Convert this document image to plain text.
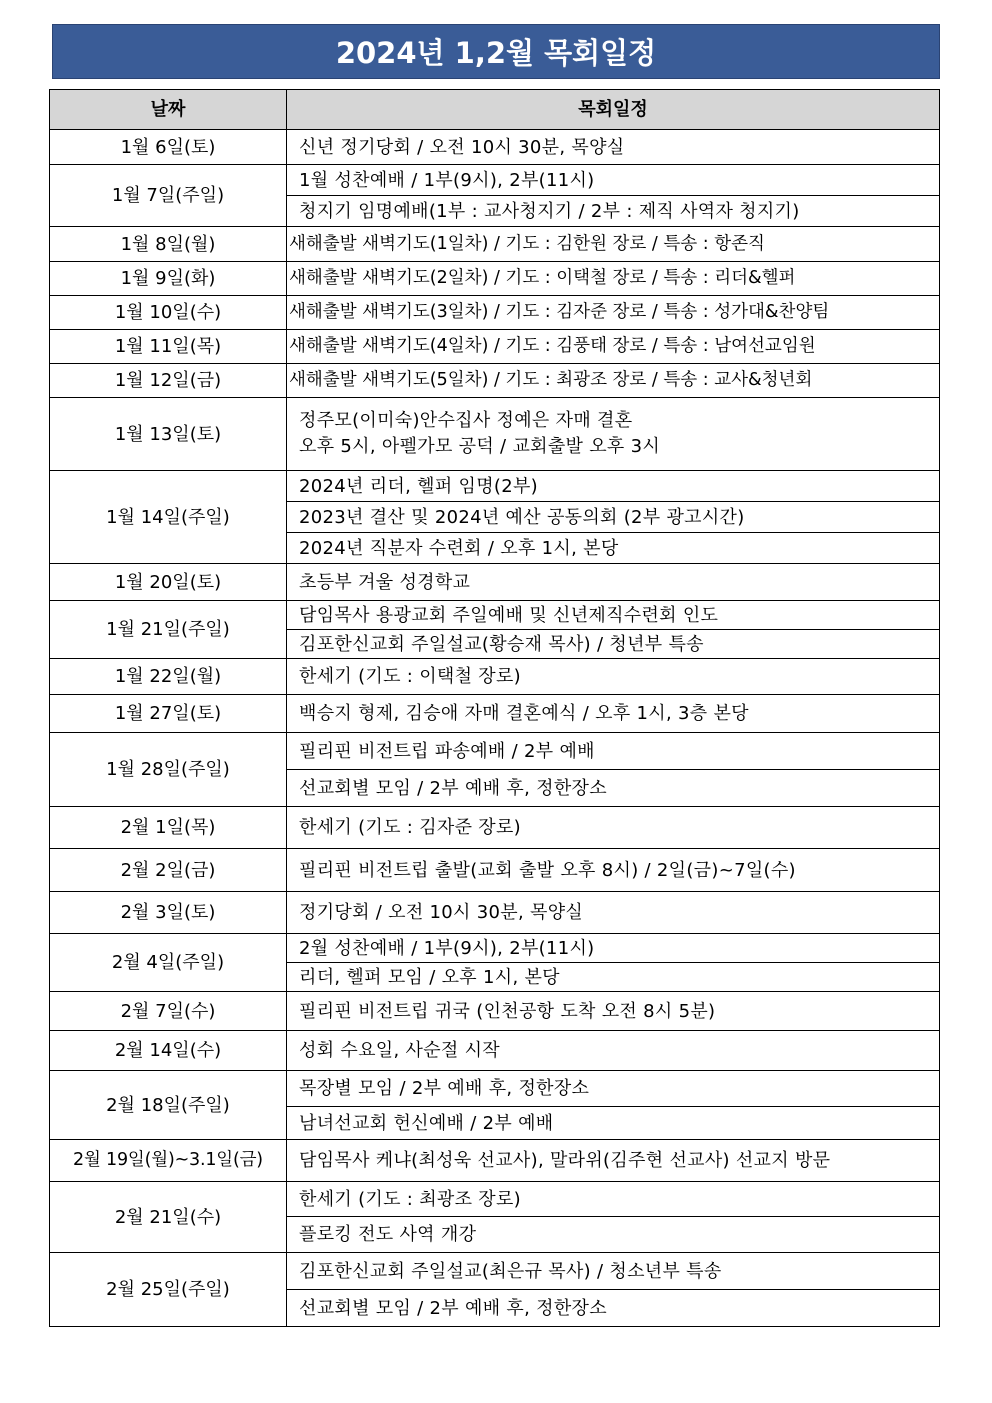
2024년 1,2월 목회일정
날짜	목회일정
1월 6일(토)	신년 정기당회 / 오전 10시 30분, 목양실
1월 7일(주일)	1월 성찬예배 / 1부(9시), 2부(11시)
	청지기 임명예배(1부 : 교사청지기 / 2부 : 제직 사역자 청지기)
1월 8일(월)	새해출발 새벽기도(1일차) / 기도 : 김한원 장로 / 특송 : 항존직
1월 9일(화)	새해출발 새벽기도(2일차) / 기도 : 이택철 장로 / 특송 : 리더&헬퍼
1월 10일(수)	새해출발 새벽기도(3일차) / 기도 : 김자준 장로 / 특송 : 성가대&찬양팀
1월 11일(목)	새해출발 새벽기도(4일차) / 기도 : 김풍태 장로 / 특송 : 남여선교임원
1월 12일(금)	새해출발 새벽기도(5일차) / 기도 : 최광조 장로 / 특송 : 교사&청년회
1월 13일(토)	정주모(이미숙)안수집사 정예은 자매 결혼
오후 5시, 아펠가모 공덕 / 교회출발 오후 3시

1월 14일(주일)	2024년 리더, 헬퍼 임명(2부)
	2023년 결산 및 2024년 예산 공동의회 (2부 광고시간)
	2024년 직분자 수련회 / 오후 1시, 본당
1월 20일(토)	초등부 겨울 성경학교
1월 21일(주일)	담임목사 용광교회 주일예배 및 신년제직수련회 인도
	김포한신교회 주일설교(황승재 목사) / 청년부 특송
1월 22일(월)	한세기 (기도 : 이택철 장로)
1월 27일(토)	백승지 형제, 김승애 자매 결혼예식 / 오후 1시, 3층 본당
1월 28일(주일)	필리핀 비전트립 파송예배 / 2부 예배
	선교회별 모임 / 2부 예배 후, 정한장소
2월 1일(목)	한세기 (기도 : 김자준 장로)
2월 2일(금)	필리핀 비전트립 출발(교회 출발 오후 8시) / 2일(금)~7일(수)
2월 3일(토)	정기당회 / 오전 10시 30분, 목양실
2월 4일(주일)	2월 성찬예배 / 1부(9시), 2부(11시)
	리더, 헬퍼 모임 / 오후 1시, 본당
2월 7일(수)	필리핀 비전트립 귀국 (인천공항 도착 오전 8시 5분)
2월 14일(수)	성회 수요일, 사순절 시작
2월 18일(주일)	목장별 모임 / 2부 예배 후, 정한장소
	남녀선교회 헌신예배 / 2부 예배
2월 19일(월)~3.1일(금)	담임목사 케냐(최성욱 선교사), 말라위(김주현 선교사) 선교지 방문
2월 21일(수)	한세기 (기도 : 최광조 장로)
	플로킹 전도 사역 개강
2월 25일(주일)	김포한신교회 주일설교(최은규 목사) / 청소년부 특송
	선교회별 모임 / 2부 예배 후, 정한장소
